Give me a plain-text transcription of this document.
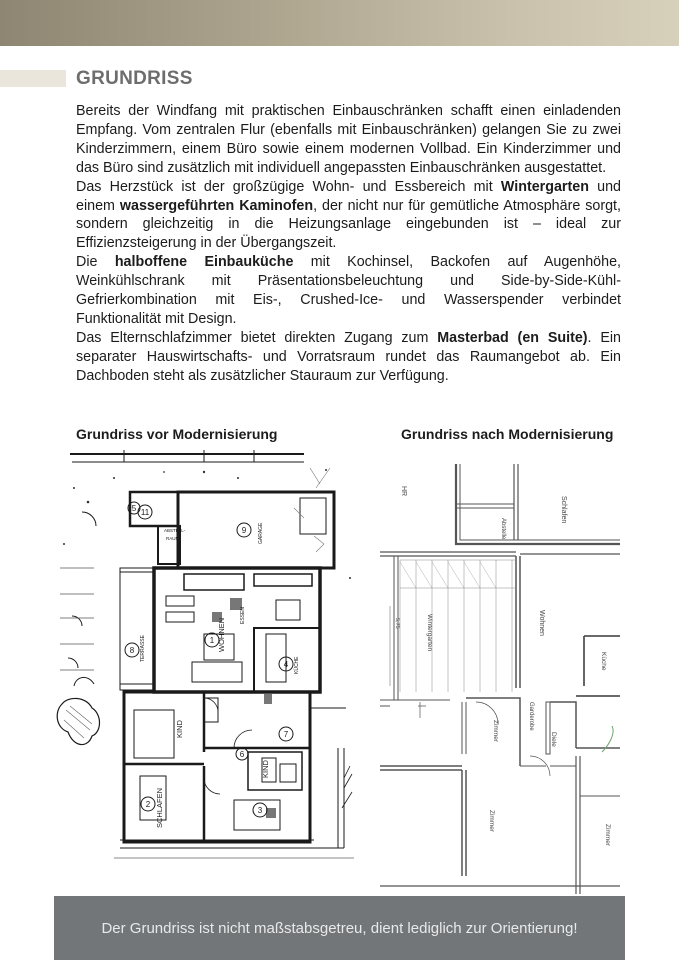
GRUNDRISS

Bereits der Windfang mit praktischen Einbauschränken schafft einen einladenden Empfang. Vom zentralen Flur (ebenfalls mit Einbauschränken) gelangen Sie zu zwei Kinderzimmern, einem Büro sowie einem modernen Vollbad. Ein Kinderzimmer und das Büro sind zusätzlich mit individuell angepassten Einbauschränken ausgestattet.

Das Herzstück ist der großzügige Wohn- und Essbereich mit Wintergarten und einem wassergeführten Kaminofen, der nicht nur für gemütliche Atmosphäre sorgt, sondern gleichzeitig in die Heizungsanlage eingebunden ist – ideal zur Effizienzsteigerung in der Übergangszeit.

Die halboffene Einbauküche mit Kochinsel, Backofen auf Augenhöhe, Weinkühlschrank mit Präsentationsbeleuchtung und Side-by-Side-Kühl-Gefrierkombination mit Eis-, Crushed-Ice- und Wasserspender verbindet Funktionalität mit Design.

Das Elternschlafzimmer bietet direkten Zugang zum Masterbad (en Suite). Ein separater Hauswirtschafts- und Vorratsraum rundet das Raumangebot ab. Ein Dachboden steht als zusätzlicher Stauraum zur Verfügung.

Grundriss vor Modernisierung	Grundriss nach Modernisierung
11
9
1
4
8
2
3
7
6
5
WOHNEN
KIND
KIND
SCHLAFEN
GARAGE
ESSEN
KÜCHE
TERRASSE
ABSTELL-
RAUM
HR
Schlafen
Abstelle
Wintergarten	Wohnen
Küche
Garderobe
Diele
Zimmer
Zimmer
Zimmer
5,75
Der Grundriss ist nicht maßstabsgetreu, dient lediglich zur Orientierung!
